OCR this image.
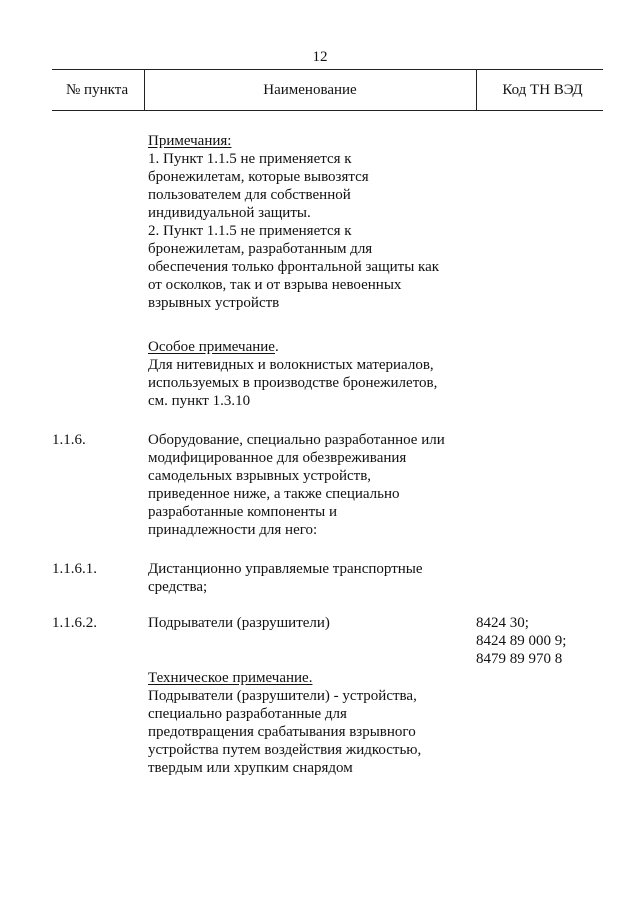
12
№ пункта	Наименование	Код ТН ВЭД
Примечания:
1. Пункт 1.1.5 не применяется к
бронежилетам, которые вывозятся
пользователем для собственной
индивидуальной защиты.
2. Пункт 1.1.5 не применяется к
бронежилетам, разработанным для
обеспечения только фронтальной защиты как
от осколков, так и от взрыва невоенных
взрывных устройств
Особое примечание.
Для нитевидных и волокнистых материалов,
используемых в производстве бронежилетов,
см. пункт 1.3.10
1.1.6.	Оборудование, специально разработанное или
модифицированное для обезвреживания
самодельных взрывных устройств,
приведенное ниже, а также специально
разработанные компоненты и
принадлежности для него:
1.1.6.1.	Дистанционно управляемые транспортные
средства;
1.1.6.2.	Подрыватели (разрушители)	8424 30;
8424 89 000 9;
8479 89 970 8
Техническое примечание.
Подрыватели (разрушители) - устройства,
специально разработанные для
предотвращения срабатывания взрывного
устройства путем воздействия жидкостью,
твердым или хрупким снарядом
